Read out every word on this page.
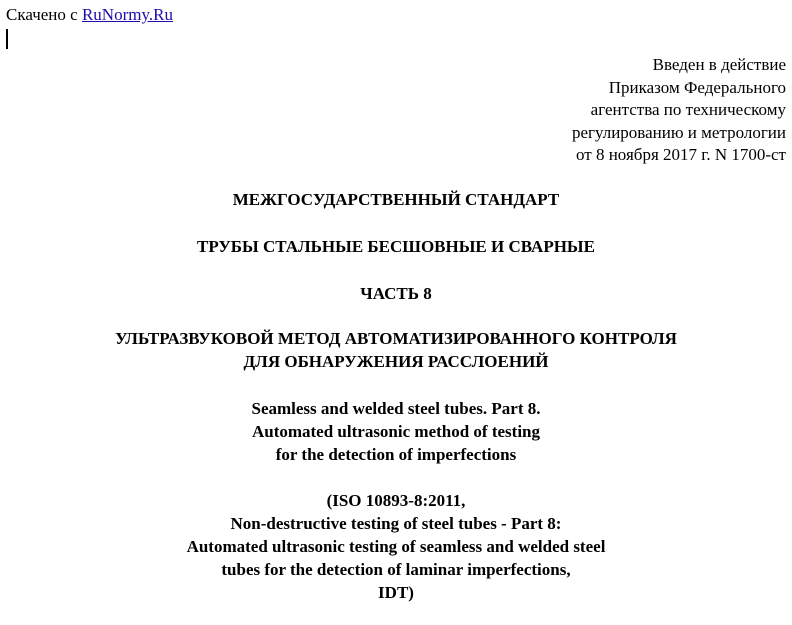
Скачено с RuNormy.Ru
Введен в действие
Приказом Федерального
агентства по техническому
регулированию и метрологии
от 8 ноября 2017 г. N 1700-ст
МЕЖГОСУДАРСТВЕННЫЙ СТАНДАРТ
ТРУБЫ СТАЛЬНЫЕ БЕСШОВНЫЕ И СВАРНЫЕ
ЧАСТЬ 8
УЛЬТРАЗВУКОВОЙ МЕТОД АВТОМАТИЗИРОВАННОГО КОНТРОЛЯ
ДЛЯ ОБНАРУЖЕНИЯ РАССЛОЕНИЙ
Seamless and welded steel tubes. Part 8.
Automated ultrasonic method of testing
for the detection of imperfections
(ISO 10893-8:2011,
Non-destructive testing of steel tubes - Part 8:
Automated ultrasonic testing of seamless and welded steel
tubes for the detection of laminar imperfections,
IDT)
